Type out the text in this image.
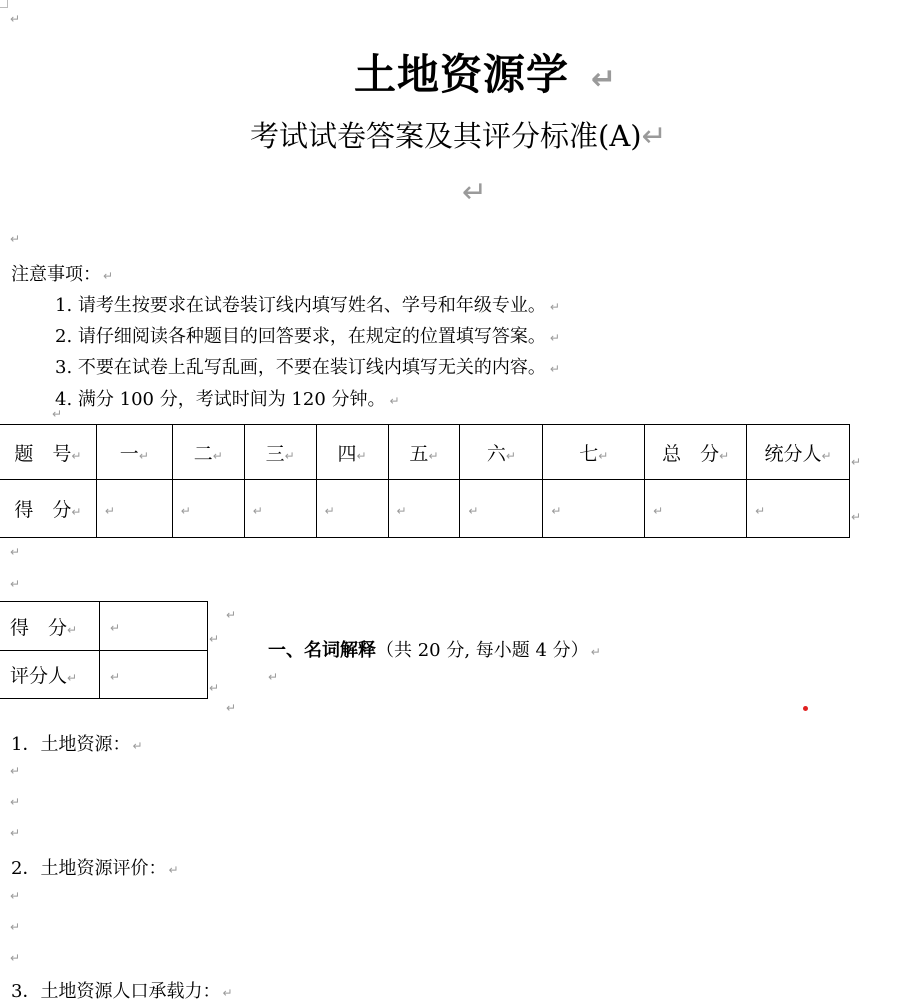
↵
土地资源学 ↵
考试试卷答案及其评分标准(A)↵
↵
↵
注意事项： ↵
1. 请考生按要求在试卷装订线内填写姓名、学号和年级专业。 ↵
2. 请仔细阅读各种题目的回答要求，在规定的位置填写答案。 ↵
3. 不要在试卷上乱写乱画，不要在装订线内填写无关的内容。 ↵
4. 满分 100 分，考试时间为 120 分钟。 ↵
↵
题　号↵	一↵	二↵	三↵	四↵	五↵	六↵	七↵	总　分↵	统分人↵
得　分↵	↵	↵	↵	↵	↵	↵	↵	↵	↵
↵
↵
↵
↵
得　分↵	↵
评分人↵	↵
↵
↵
↵
↵
一、名词解释（共 20 分, 每小题 4 分） ↵
↵
1．土地资源： ↵
↵
↵
↵
2．土地资源评价： ↵
↵
↵
↵
3．土地资源人口承载力： ↵
